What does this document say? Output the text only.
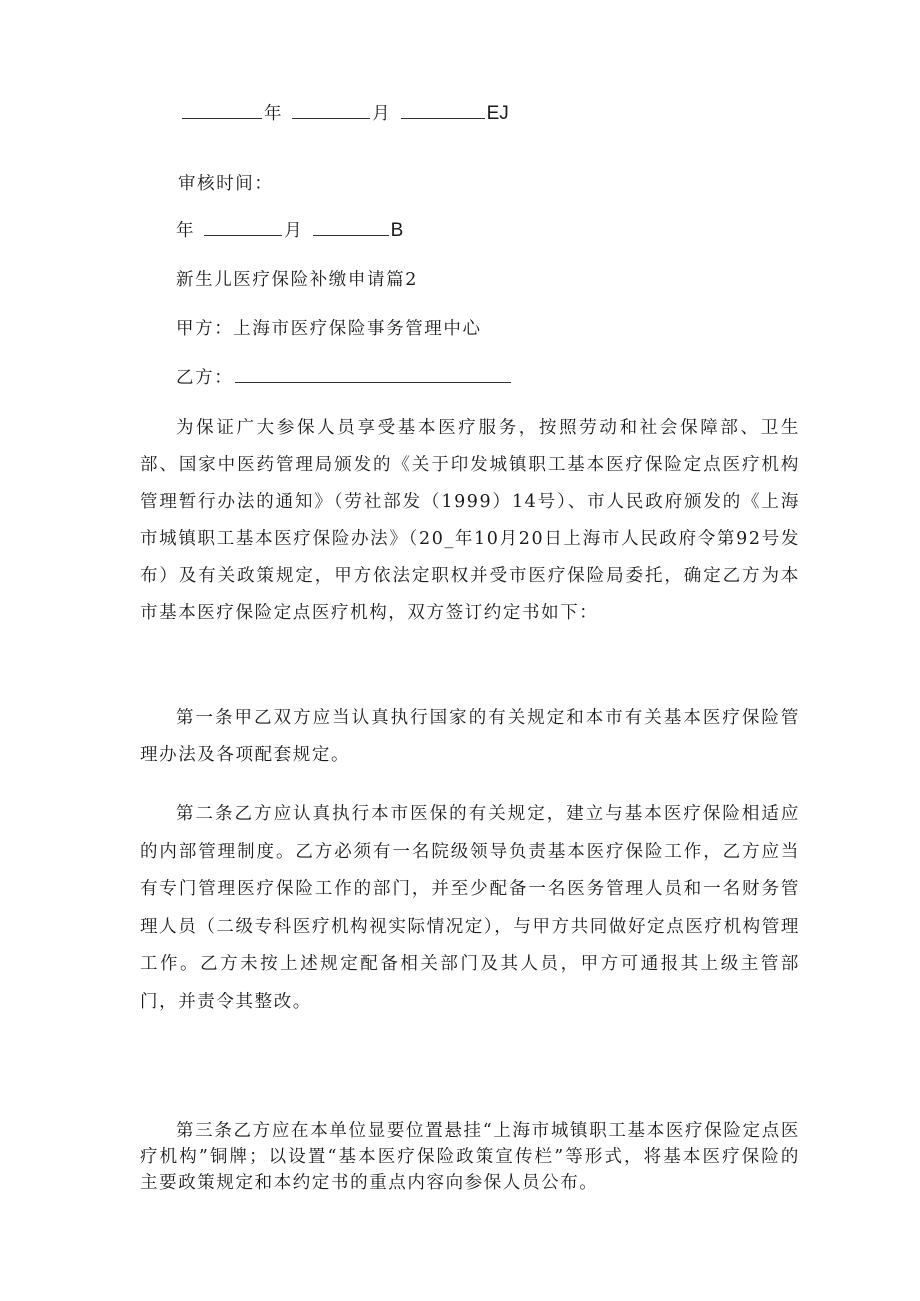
年	月	EJ
审核时间：
年	月	B
新生儿医疗保险补缴申请篇2
甲方：上海市医疗保险事务管理中心
乙方：

为保证广大参保人员享受基本医疗服务，按照劳动和社会保障部、卫生部、国家中医药管理局颁发的《关于印发城镇职工基本医疗保险定点医疗机构管理暂行办法的通知》（劳社部发（1999）14号）、市人民政府颁发的《上海市城镇职工基本医疗保险办法》（20_年10月20日上海市人民政府令第92号发布）及有关政策规定，甲方依法定职权并受市医疗保险局委托，确定乙方为本市基本医疗保险定点医疗机构，双方签订约定书如下：

第一条甲乙双方应当认真执行国家的有关规定和本市有关基本医疗保险管理办法及各项配套规定。

第二条乙方应认真执行本市医保的有关规定，建立与基本医疗保险相适应的内部管理制度。乙方必须有一名院级领导负责基本医疗保险工作，乙方应当有专门管理医疗保险工作的部门，并至少配备一名医务管理人员和一名财务管理人员（二级专科医疗机构视实际情况定），与甲方共同做好定点医疗机构管理工作。乙方未按上述规定配备相关部门及其人员，甲方可通报其上级主管部门，并责令其整改。

第三条乙方应在本单位显要位置悬挂“上海市城镇职工基本医疗保险定点医疗机构”铜牌；以设置“基本医疗保险政策宣传栏”等形式，将基本医疗保险的主要政策规定和本约定书的重点内容向参保人员公布。
